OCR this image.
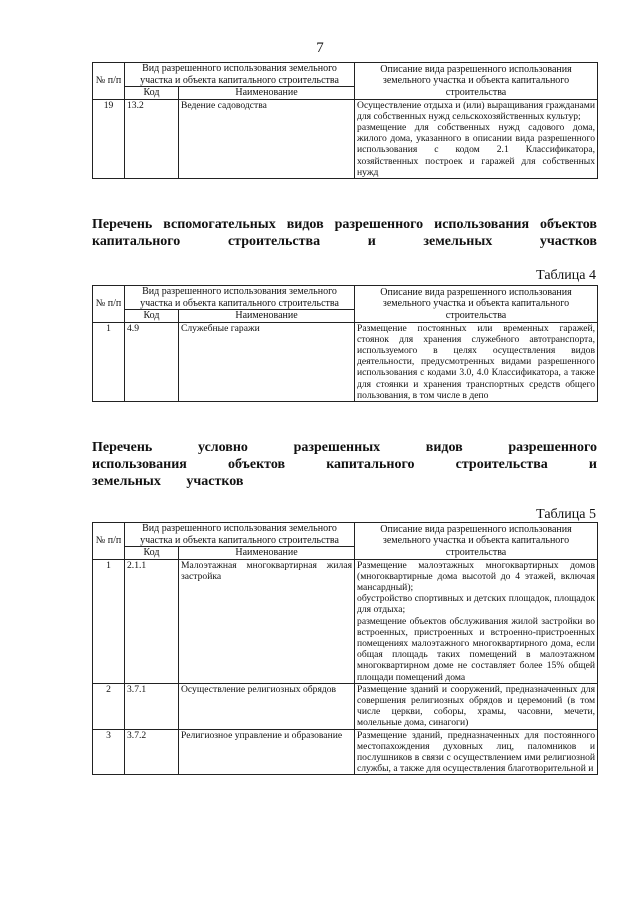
7
№ п/п	Вид разрешенного использования земельного участка и объекта капитального строительства		Описание вида разрешенного использования земельного участка и объекта капитального строительства
	Код	Наименование	
19	13.2	Ведение садоводства	Осуществление отдыха и (или) выращивания гражданами для собственных нужд сельскохозяйственных культур;

размещение для собственных нужд садового дома, жилого дома, указанного в описании вида разрешенного использования с кодом 2.1 Классификатора, хозяйственных построек и гаражей для собственных нужд

Перечень вспомогательных видов разрешенного использования объектов капитального строительства и земельных участков
Таблица 4
№ п/п	Вид разрешенного использования земельного участка и объекта капитального строительства		Описание вида разрешенного использования земельного участка и объекта капитального строительства
	Код	Наименование	
1	4.9	Служебные гаражи	Размещение постоянных или временных гаражей, стоянок для хранения служебного автотранспорта, используемого в целях осуществления видов деятельности, предусмотренных видами разрешенного использования с кодами 3.0, 4.0 Классификатора, а также для стоянки и хранения транспортных средств общего пользования, в том числе в депо

Перечень условно разрешенных видов разрешенного использования объектов капитального строительства и земельных участков
Таблица 5
№ п/п	Вид разрешенного использования земельного участка и объекта капитального строительства		Описание вида разрешенного использования земельного участка и объекта капитального строительства
	Код	Наименование	
1	2.1.1	Малоэтажная многоквартирная жилая застройка	Размещение малоэтажных многоквартирных домов (многоквартирные дома высотой до 4 этажей, включая мансардный);

обустройство спортивных и детских площадок, площадок для отдыха;

размещение объектов обслуживания жилой застройки во встроенных, пристроенных и встроенно-пристроенных помещениях малоэтажного многоквартирного дома, если общая площадь таких помещений в малоэтажном многоквартирном доме не составляет более 15% общей площади помещений дома

2	3.7.1	Осуществление религиозных обрядов	Размещение зданий и сооружений, предназначенных для совершения религиозных обрядов и церемоний (в том числе церкви, соборы, храмы, часовни, мечети, молельные дома, синагоги)

3	3.7.2	Религиозное управление и образование	Размещение зданий, предназначенных для постоянного местопахождения духовных лиц, паломников и послушников в связи с осуществлением ими религиозной службы, а также для осуществления благотворительной и
